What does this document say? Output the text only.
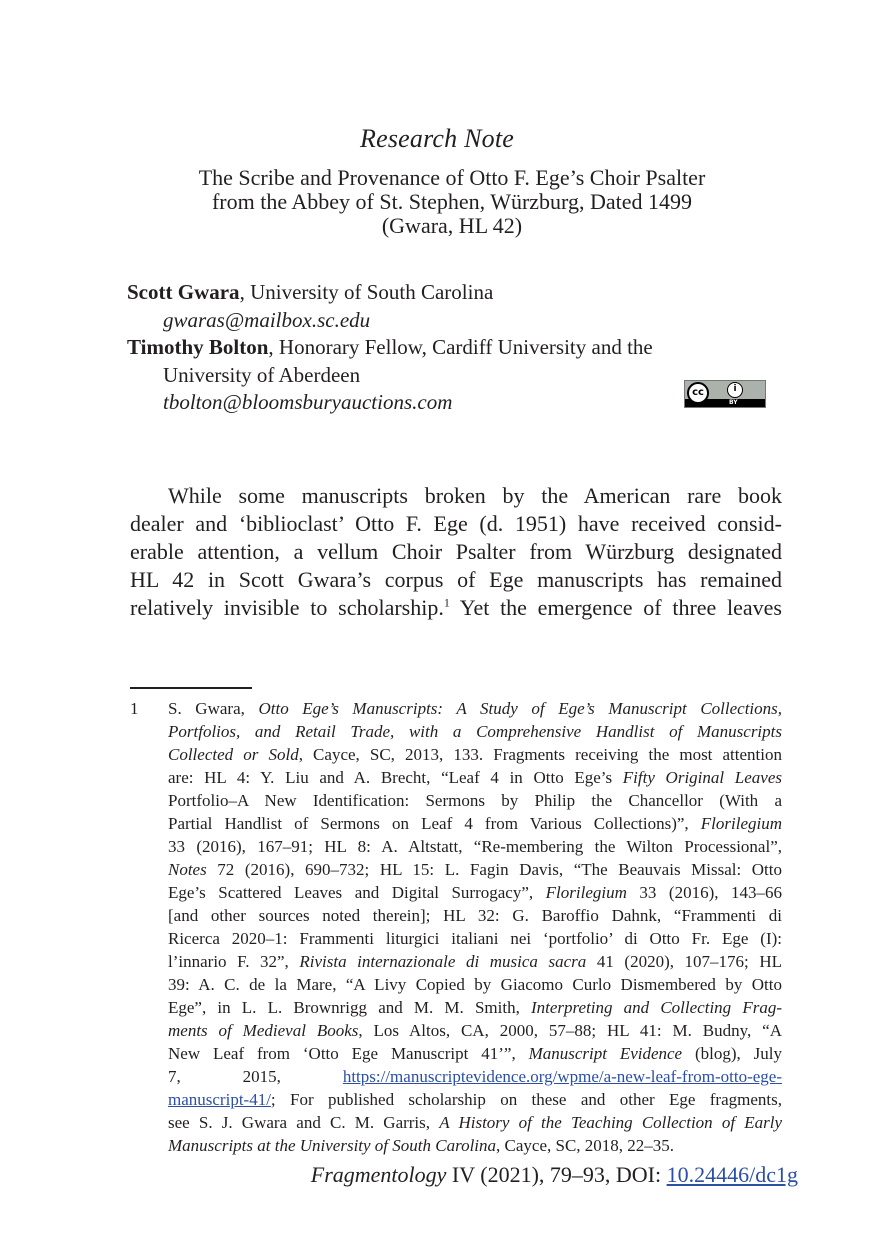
Research Note
The Scribe and Provenance of Otto F. Ege’s Choir Psalter
from the Abbey of St. Stephen, Würzburg, Dated 1499
(Gwara, HL 42)
Scott Gwara, University of South Carolina
gwaras@mailbox.sc.edu
Timothy Bolton, Honorary Fellow, Cardiff University and the
University of Aberdeen
tbolton@bloomsburyauctions.com	cc	i
BY
While some manuscripts broken by the American rare book
dealer and ‘biblioclast’ Otto F. Ege (d. 1951) have received consid-
erable attention, a vellum Choir Psalter from Würzburg designated
HL 42 in Scott Gwara’s corpus of Ege manuscripts has remained
relatively invisible to scholarship.$^1$ Yet the emergence of three leaves
1	S. Gwara, Otto Ege’s Manuscripts: A Study of Ege’s Manuscript Collections,
Portfolios, and Retail Trade, with a Comprehensive Handlist of Manuscripts
Collected or Sold, Cayce, SC, 2013, 133. Fragments receiving the most attention
are: HL 4: Y. Liu and A. Brecht, “Leaf 4 in Otto Ege’s Fifty Original Leaves
Portfolio–A New Identification: Sermons by Philip the Chancellor (With a
Partial Handlist of Sermons on Leaf 4 from Various Collections)”, Florilegium
33 (2016), 167–91; HL 8: A. Altstatt, “Re-membering the Wilton Processional”,
Notes 72 (2016), 690–732; HL 15: L. Fagin Davis, “The Beauvais Missal: Otto
Ege’s Scattered Leaves and Digital Surrogacy”, Florilegium 33 (2016), 143–66
[and other sources noted therein]; HL 32: G. Baroffio Dahnk, “Frammenti di
Ricerca 2020–1: Frammenti liturgici italiani nei ‘portfolio’ di Otto Fr. Ege (I):
l’innario F. 32”, Rivista internazionale di musica sacra 41 (2020), 107–176; HL
39: A. C. de la Mare, “A Livy Copied by Giacomo Curlo Dismembered by Otto
Ege”, in L. L. Brownrigg and M. M. Smith, Interpreting and Collecting Frag-
ments of Medieval Books, Los Altos, CA, 2000, 57–88; HL 41: M. Budny, “A
New Leaf from ‘Otto Ege Manuscript 41’”, Manuscript Evidence (blog), July
7, 2015, https://manuscriptevidence.org/wpme/a-new-leaf-from-otto-ege-
manuscript-41/; For published scholarship on these and other Ege fragments,
see S. J. Gwara and C. M. Garris, A History of the Teaching Collection of Early
Manuscripts at the University of South Carolina, Cayce, SC, 2018, 22–35.
Fragmentology IV (2021), 79–93, DOI: 10.24446/dc1g
